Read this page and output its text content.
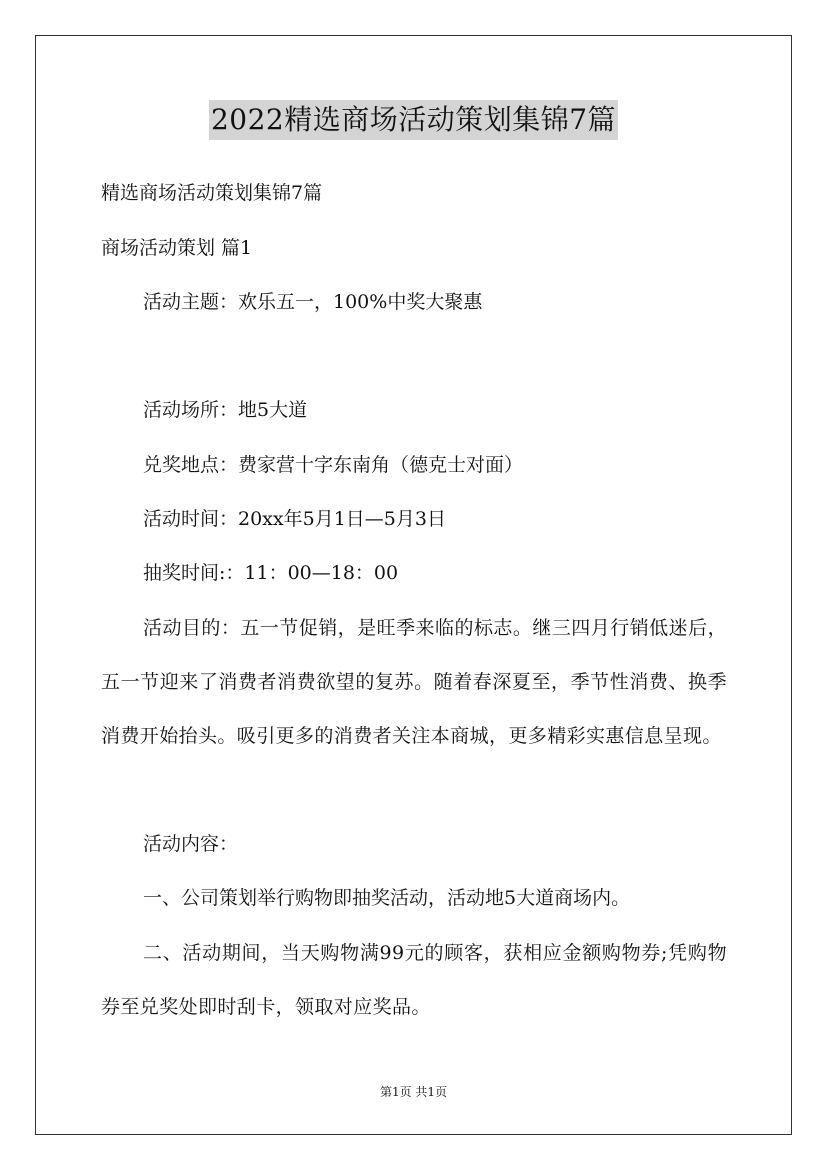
2022精选商场活动策划集锦7篇
精选商场活动策划集锦7篇
商场活动策划 篇1
活动主题：欢乐五一，100%中奖大聚惠
活动场所：地5大道
兑奖地点：费家营十字东南角（德克士对面）
活动时间：20xx年5月1日—5月3日
抽奖时间:：11：00—18：00
活动目的：五一节促销，是旺季来临的标志。继三四月行销低迷后，五一节迎来了消费者消费欲望的复苏。随着春深夏至，季节性消费、换季消费开始抬头。吸引更多的消费者关注本商城，更多精彩实惠信息呈现。
活动内容：
一、公司策划举行购物即抽奖活动，活动地5大道商场内。
二、活动期间，当天购物满99元的顾客，获相应金额购物券;凭购物券至兑奖处即时刮卡，领取对应奖品。
第1页 共1页
